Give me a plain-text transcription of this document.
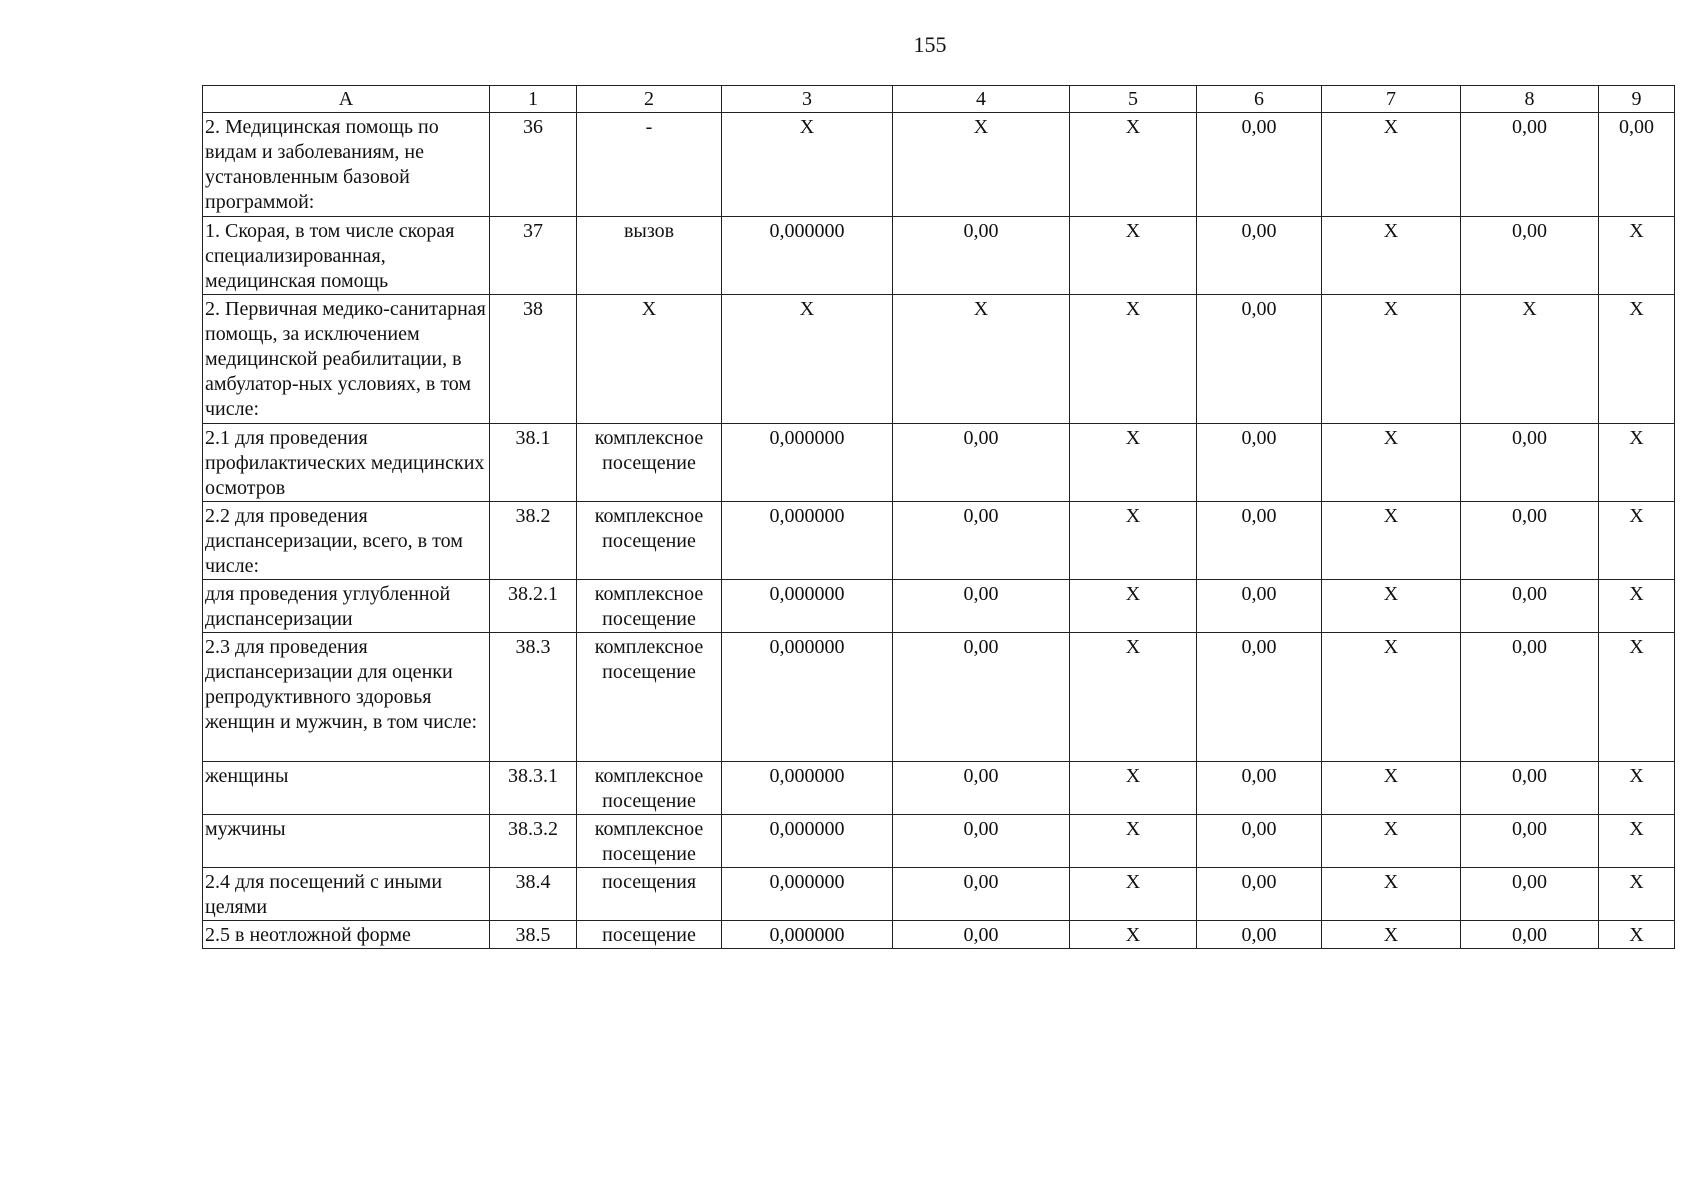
155
А	1	2	3	4	5	6	7	8	9
2. Медицинская помощь по видам и заболеваниям, не установленным базовой программой:	36	-	Х	Х	Х	0,00	Х	0,00	0,00
1. Скорая, в том числе скорая специализированная, медицинская помощь	37	вызов	0,000000	0,00	Х	0,00	Х	0,00	Х
2. Первичная медико-санитарная помощь, за исключением медицинской реабилитации, в амбулатор-ных условиях, в том числе:	38	Х	Х	Х	Х	0,00	Х	Х	Х
2.1 для проведения профилактических медицинских осмотров	38.1	комплексное посещение	0,000000	0,00	Х	0,00	Х	0,00	Х
2.2 для проведения диспансеризации, всего, в том числе:	38.2	комплексное посещение	0,000000	0,00	Х	0,00	Х	0,00	Х
для проведения углубленной диспансеризации	38.2.1	комплексное посещение	0,000000	0,00	Х	0,00	Х	0,00	Х
2.3 для проведения диспансеризации для оценки репродуктивного здоровья женщин и мужчин, в том числе:	38.3	комплексное посещение	0,000000	0,00	Х	0,00	Х	0,00	Х
женщины	38.3.1	комплексное посещение	0,000000	0,00	Х	0,00	Х	0,00	Х
мужчины	38.3.2	комплексное посещение	0,000000	0,00	Х	0,00	Х	0,00	Х
2.4 для посещений с иными целями	38.4	посещения	0,000000	0,00	Х	0,00	Х	0,00	Х
2.5 в неотложной форме	38.5	посещение	0,000000	0,00	Х	0,00	Х	0,00	Х
